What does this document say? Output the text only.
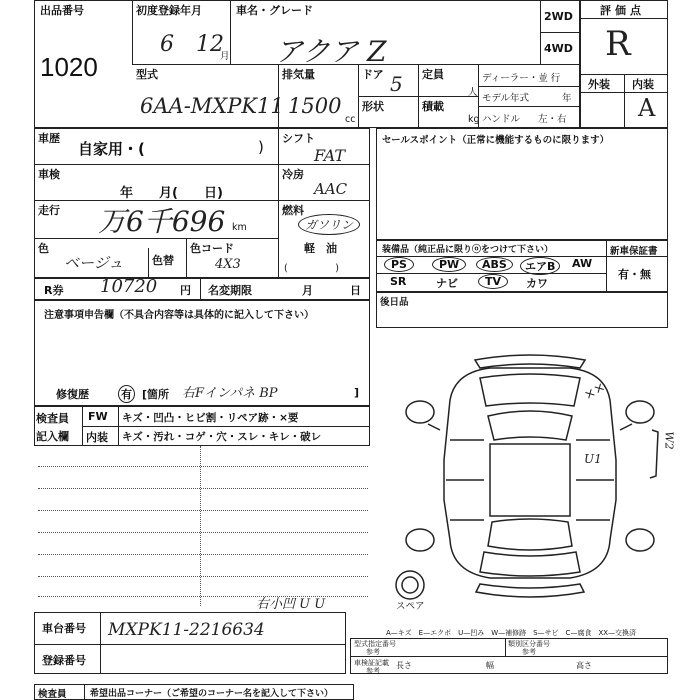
出品番号
1020
初度登録年月
6 12
月
車名・グレード
アクア Z
2WD
4WD
評価点
R
外装 内装
A
型式
6AA-MXPK11
排気量
1500
cc
ドア 5
形状
定員
人
積載
kg
ディーラー・並 行
モデル年式	年
ハンドル 左・右
車歴
自家用・(	)
車検
年　　月(　　日)
走行 万6千696 km
色
ベージュ	色替
色コード
4X3
シフト
FAT
冷房
AAC
燃料
ガソリン
軽　油
(　　　　　)
R券 10720 円 名変期限	月	日
セールスポイント（正常に機能するものに限ります）
装備品（純正品に限りⓞをつけて下さい）	新車保証書
有・無
PS	PW	ABS	エアB	AW
SR	ナビ	TV	カワ
後日品
注意事項申告欄（不具合内容等は具体的に記入して下さい）
修復歴	有 [箇所 右Fインパネ BP	]
検査員
記入欄
FW キズ・凹凸・ヒビ割・リペア跡・×要
内装 キズ・汚れ・コゲ・穴・スレ・キレ・破レ
××
W2
U1
スペア
右小凹 U U
車台番号 MXPK11-2216634
登録番号
A—キズ　E—エクボ　U—凹み　W—補修跡　S—サビ　C—腐食　XX—交換済
型式指定番号
参考
類別区分番号
参考
車検証記載
参考
長さ	幅	高さ
検査員	希望出品コーナー（ご希望のコーナー名を記入して下さい）
